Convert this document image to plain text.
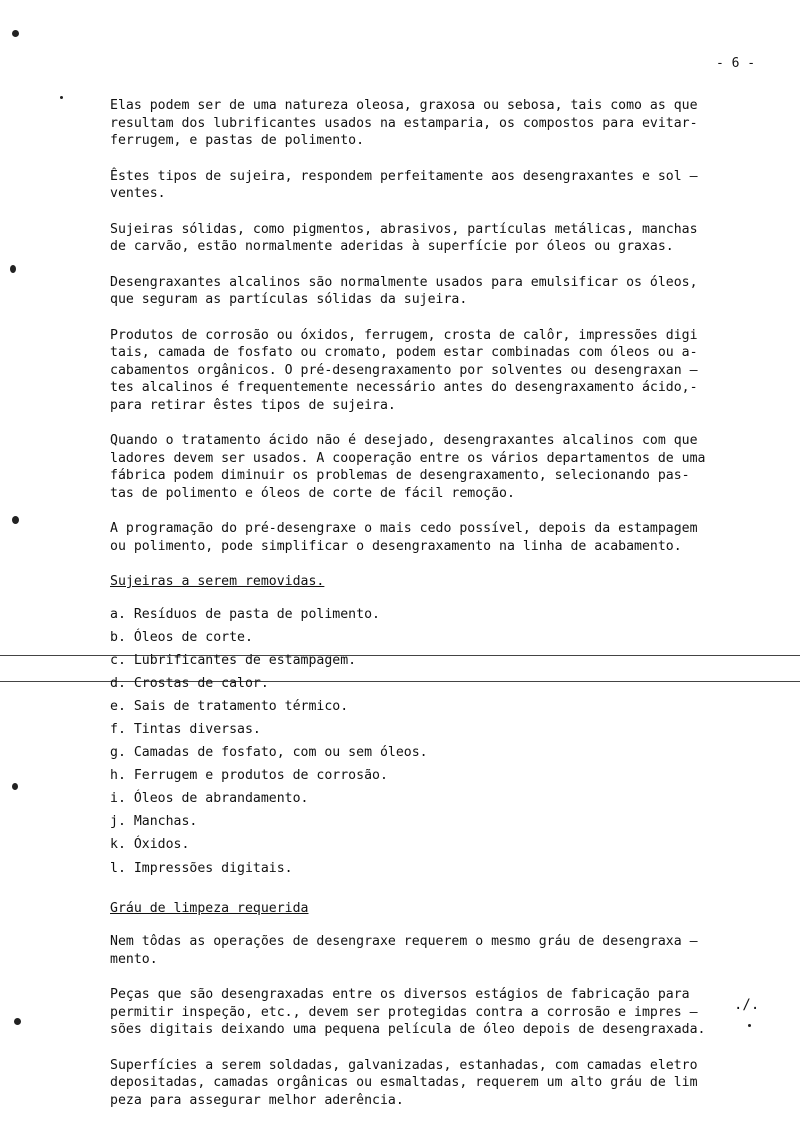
- 6 -

Elas podem ser de uma natureza oleosa, graxosa ou sebosa, tais como as que
resultam dos lubrificantes usados na estamparia, os compostos para evitar-
ferrugem, e pastas de polimento.

Êstes tipos de sujeira, respondem perfeitamente aos desengraxantes e sol —
ventes.

Sujeiras sólidas, como pigmentos, abrasivos, partículas metálicas, manchas
de carvão, estão normalmente aderidas à superfície por óleos ou graxas.

Desengraxantes alcalinos são normalmente usados para emulsificar os óleos,
que seguram as partículas sólidas da sujeira.

Produtos de corrosão ou óxidos, ferrugem, crosta de calôr, impressões digi
tais, camada de fosfato ou cromato, podem estar combinadas com óleos ou a-
cabamentos orgânicos. O pré-desengraxamento por solventes ou desengraxan —
tes alcalinos é frequentemente necessário antes do desengraxamento ácido,-
para retirar êstes tipos de sujeira.

Quando o tratamento ácido não é desejado, desengraxantes alcalinos com que
ladores devem ser usados. A cooperação entre os vários departamentos de uma
fábrica podem diminuir os problemas de desengraxamento, selecionando pas-
tas de polimento e óleos de corte de fácil remoção.

A programação do pré-desengraxe o mais cedo possível, depois da estampagem
ou polimento, pode simplificar o desengraxamento na linha de acabamento.

Sujeiras a serem removidas.

a. Resíduos de pasta de polimento.

b. Óleos de corte.

c. Lubrificantes de estampagem.

d. Crostas de calor.

e. Sais de tratamento térmico.

f. Tintas diversas.

g. Camadas de fosfato, com ou sem óleos.

h. Ferrugem e produtos de corrosão.

i. Óleos de abrandamento.

j. Manchas.

k. Óxidos.

l. Impressões digitais.

Gráu de limpeza requerida

Nem tôdas as operações de desengraxe requerem o mesmo gráu de desengraxa —
mento.

Peças que são desengraxadas entre os diversos estágios de fabricação para
permitir inspeção, etc., devem ser protegidas contra a corrosão e impres —
sões digitais deixando uma pequena película de óleo depois de desengraxada.

Superfícies a serem soldadas, galvanizadas, estanhadas, com camadas eletro
depositadas, camadas orgânicas ou esmaltadas, requerem um alto gráu de lim
peza para assegurar melhor aderência.

./.
